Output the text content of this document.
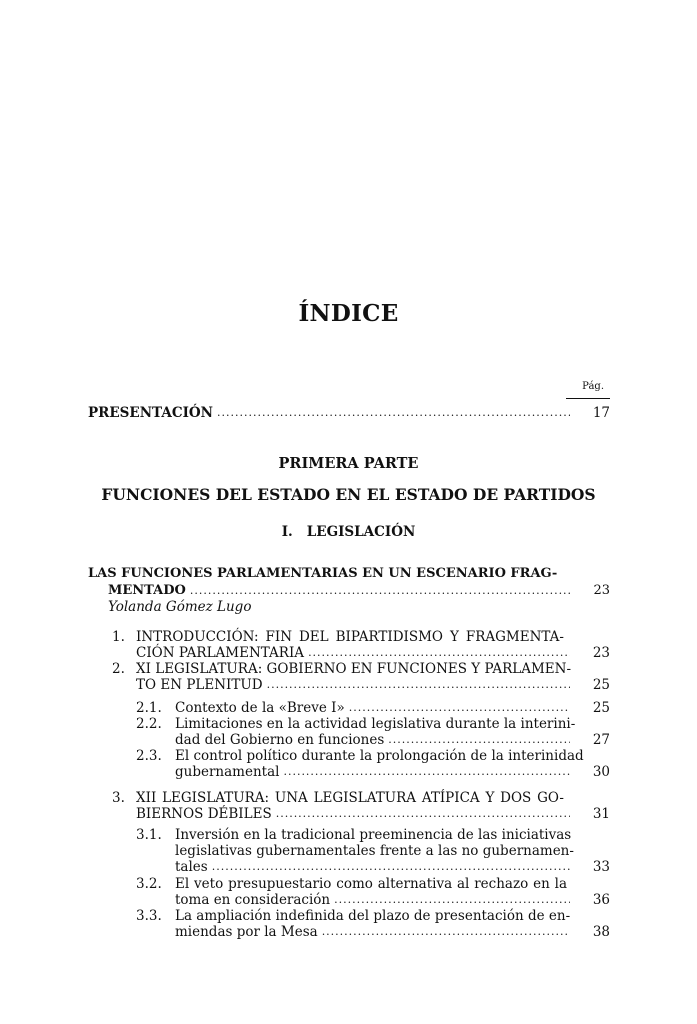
ÍNDICE
Pág.
PRESENTACIÓN .....	17
PRIMERA PARTE
FUNCIONES DEL ESTADO EN EL ESTADO DE PARTIDOS
I.   LEGISLACIÓN
LAS FUNCIONES PARLAMENTARIAS EN UN ESCENARIO FRAG-
MENTADO .....	23
Yolanda Gómez Lugo
1. INTRODUCCIÓN: FIN DEL BIPARTIDISMO Y FRAGMENTA-
CIÓN PARLAMENTARIA .....	23
2. XI LEGISLATURA: GOBIERNO EN FUNCIONES Y PARLAMEN-
TO EN PLENITUD .....	25
2.1. Contexto de la «Breve I» .....	25
2.2. Limitaciones en la actividad legislativa durante la interini-
dad del Gobierno en funciones .....	27
2.3. El control político durante la prolongación de la interinidad
gubernamental .....	30
3. XII LEGISLATURA: UNA LEGISLATURA ATÍPICA Y DOS GO-
BIERNOS DÉBILES .....	31
3.1. Inversión en la tradicional preeminencia de las iniciativas
legislativas gubernamentales frente a las no gubernamen-
tales .....	33
3.2. El veto presupuestario como alternativa al rechazo en la
toma en consideración .....	36
3.3. La ampliación indefinida del plazo de presentación de en-
miendas por la Mesa .....	38
